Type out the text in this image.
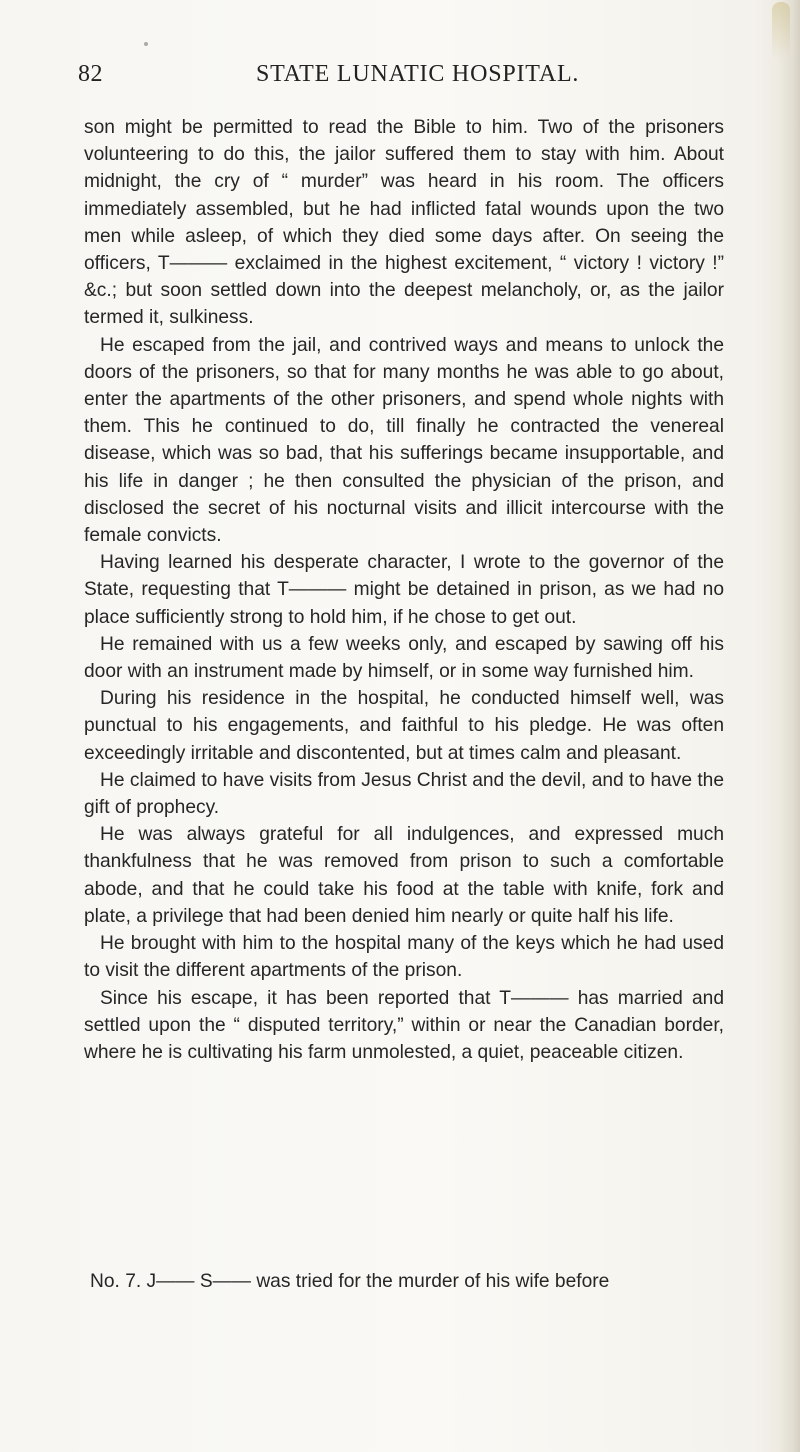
82	STATE LUNATIC HOSPITAL.

son might be permitted to read the Bible to him. Two of the prisoners volunteering to do this, the jailor suffered them to stay with him. About midnight, the cry of “ murder” was heard in his room. The officers immediately assembled, but he had inflicted fatal wounds upon the two men while asleep, of which they died some days after. On seeing the officers, T——— exclaimed in the highest excitement, “ victory ! victory !” &c.; but soon settled down into the deepest melancholy, or, as the jailor termed it, sulkiness.

He escaped from the jail, and contrived ways and means to unlock the doors of the prisoners, so that for many months he was able to go about, enter the apartments of the other prisoners, and spend whole nights with them. This he continued to do, till finally he contracted the venereal disease, which was so bad, that his sufferings became insupportable, and his life in danger ; he then consulted the physician of the prison, and disclosed the secret of his nocturnal visits and illicit intercourse with the female convicts.

Having learned his desperate character, I wrote to the governor of the State, requesting that T——— might be detained in prison, as we had no place sufficiently strong to hold him, if he chose to get out.

He remained with us a few weeks only, and escaped by sawing off his door with an instrument made by himself, or in some way furnished him.

During his residence in the hospital, he conducted himself well, was punctual to his engagements, and faithful to his pledge. He was often exceedingly irritable and discontented, but at times calm and pleasant.

He claimed to have visits from Jesus Christ and the devil, and to have the gift of prophecy.

He was always grateful for all indulgences, and expressed much thankfulness that he was removed from prison to such a comfortable abode, and that he could take his food at the table with knife, fork and plate, a privilege that had been denied him nearly or quite half his life.

He brought with him to the hospital many of the keys which he had used to visit the different apartments of the prison.

Since his escape, it has been reported that T——— has married and settled upon the “ disputed territory,” within or near the Canadian border, where he is cultivating his farm unmolested, a quiet, peaceable citizen.

No. 7. J—— S—— was tried for the murder of his wife before
